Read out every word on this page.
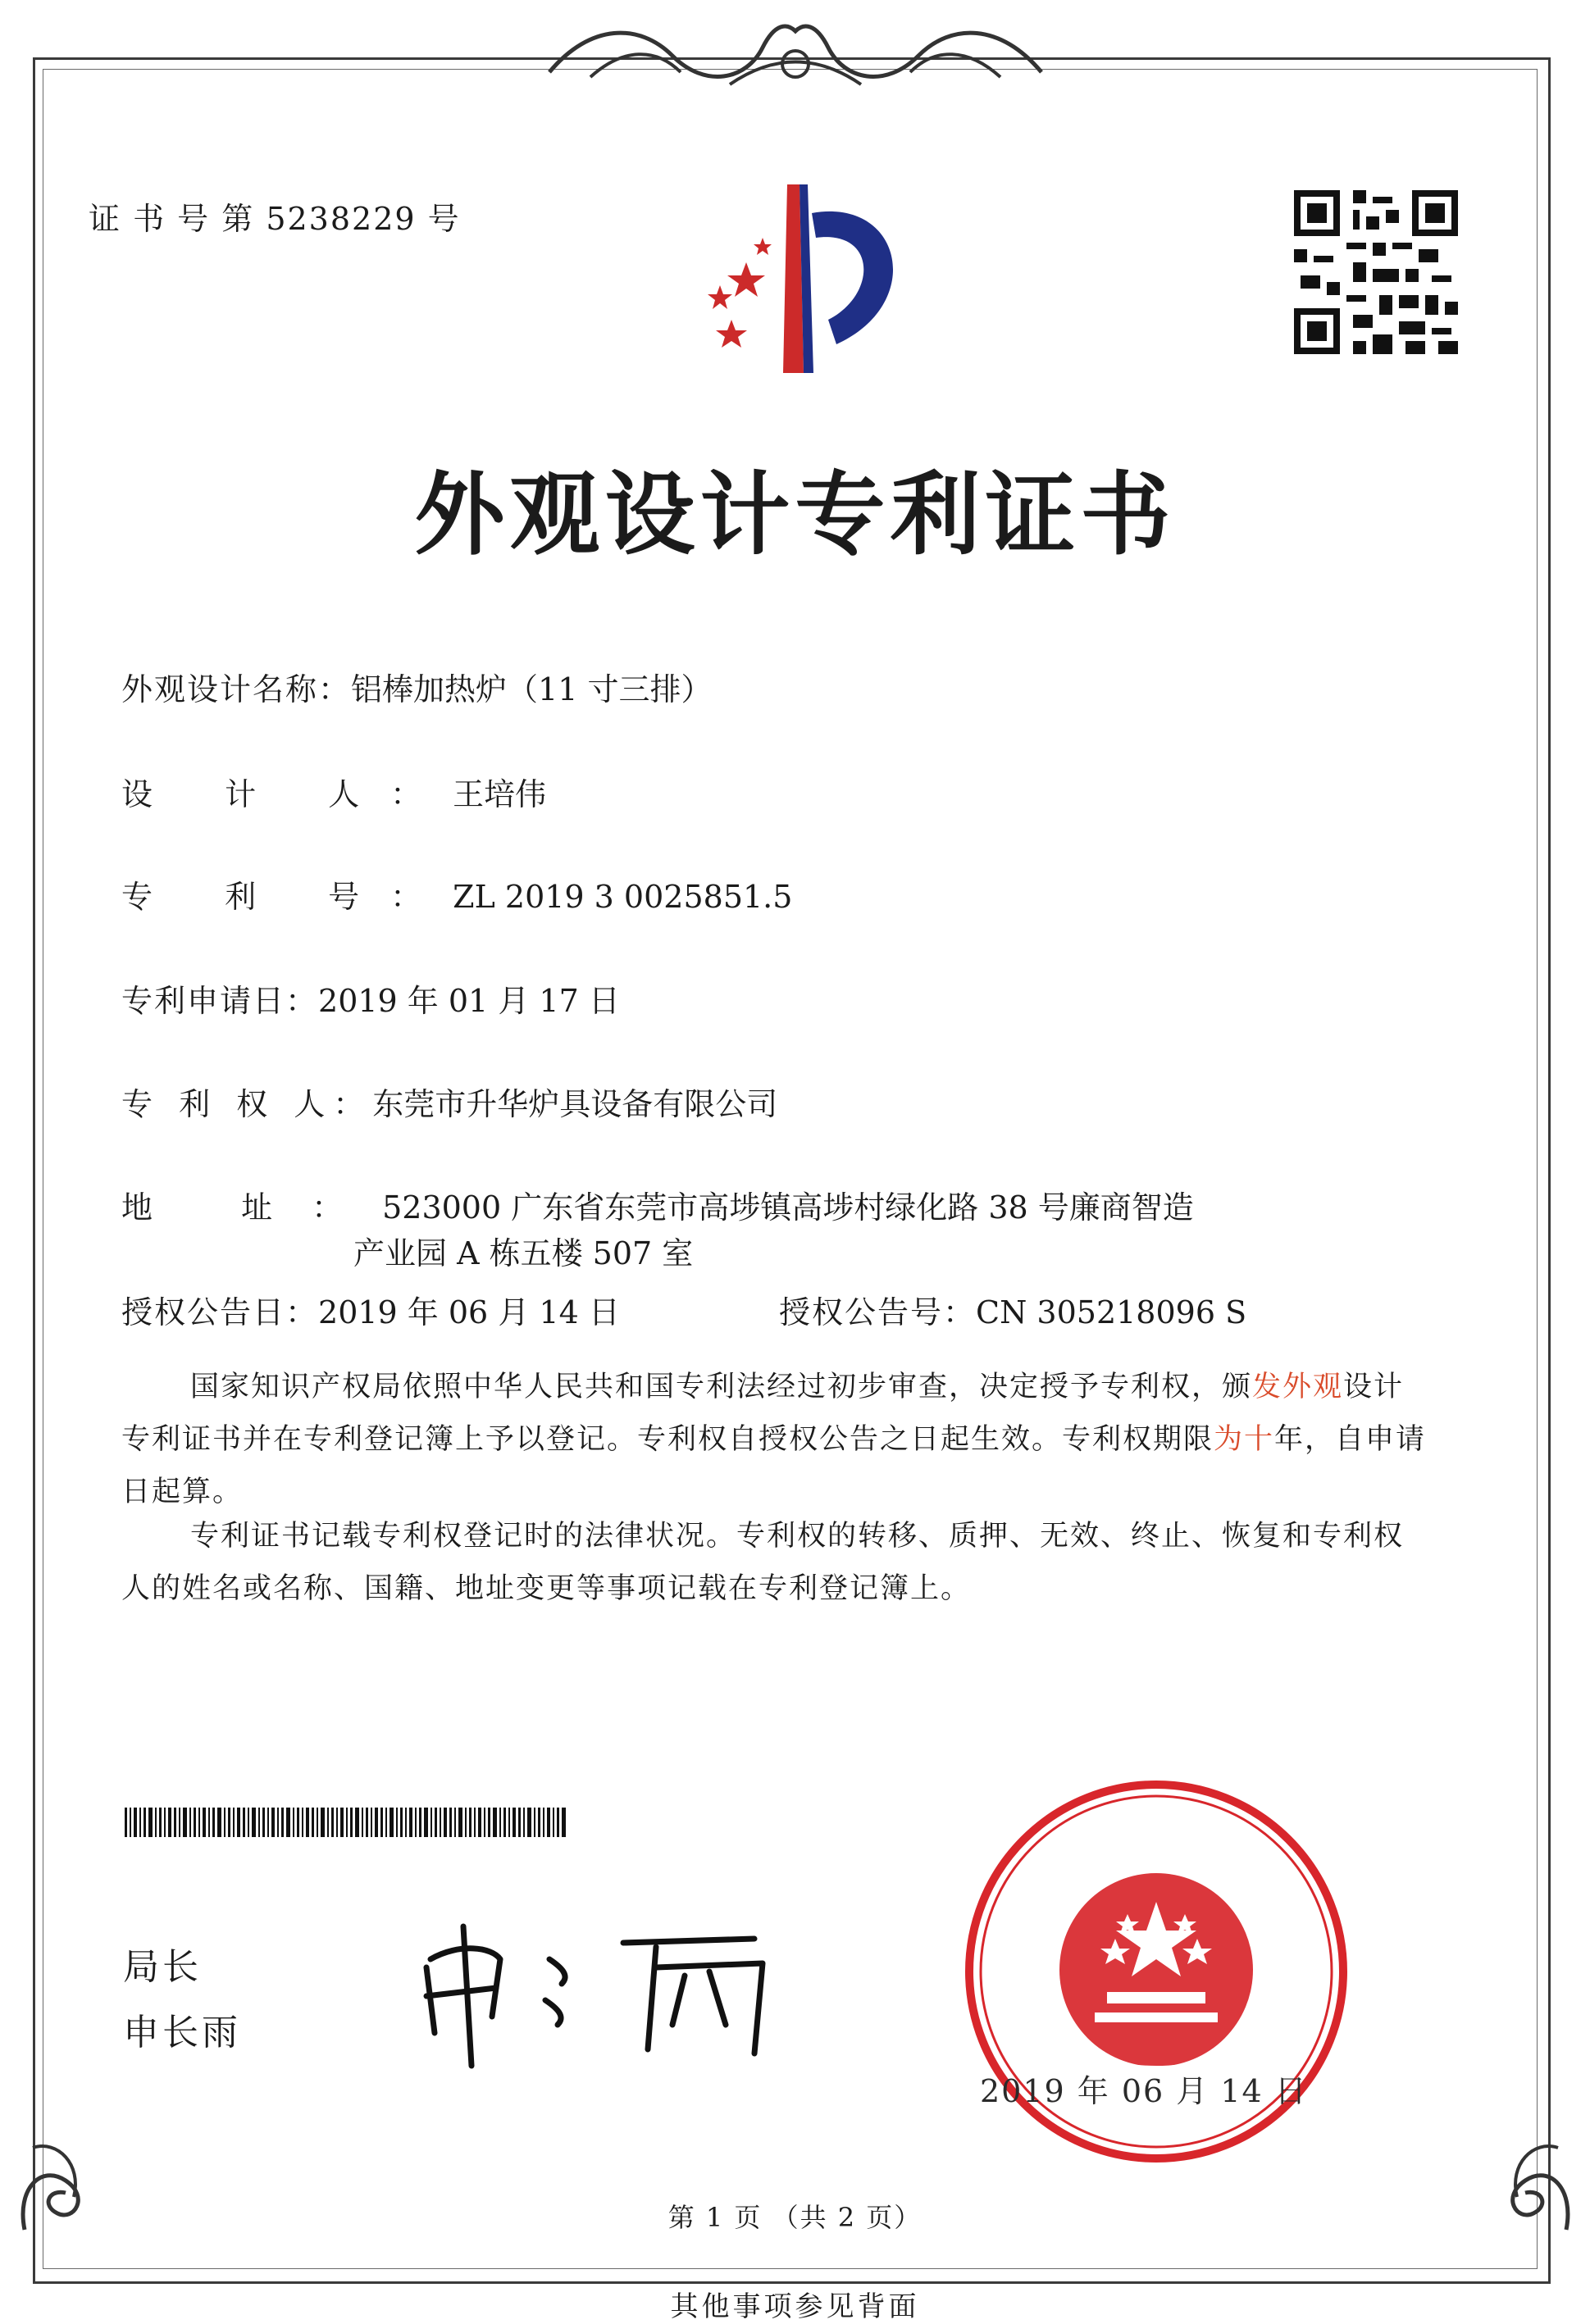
证 书 号 第 5238229 号
外观设计专利证书
外观设计名称：铝棒加热炉（11 寸三排）
设 计 人：王培伟
专 利 号：ZL 2019 3 0025851.5
专利申请日：2019 年 01 月 17 日
专 利 权 人：东莞市升华炉具设备有限公司
地 址：523000 广东省东莞市高埗镇高埗村绿化路 38 号廉商智造
产业园 A 栋五楼 507 室
授权公告日：2019 年 06 月 14 日	授权公告号：CN 305218096 S
国家知识产权局依照中华人民共和国专利法经过初步审查，决定授予专利权，颁发外观设计专利证书并在专利登记簿上予以登记。专利权自授权公告之日起生效。专利权期限为十年，自申请日起算。
专利证书记载专利权登记时的法律状况。专利权的转移、质押、无效、终止、恢复和专利权人的姓名或名称、国籍、地址变更等事项记载在专利登记簿上。
局长
申长雨
2019 年 06 月 14 日
第 1 页 （共 2 页）
其他事项参见背面
